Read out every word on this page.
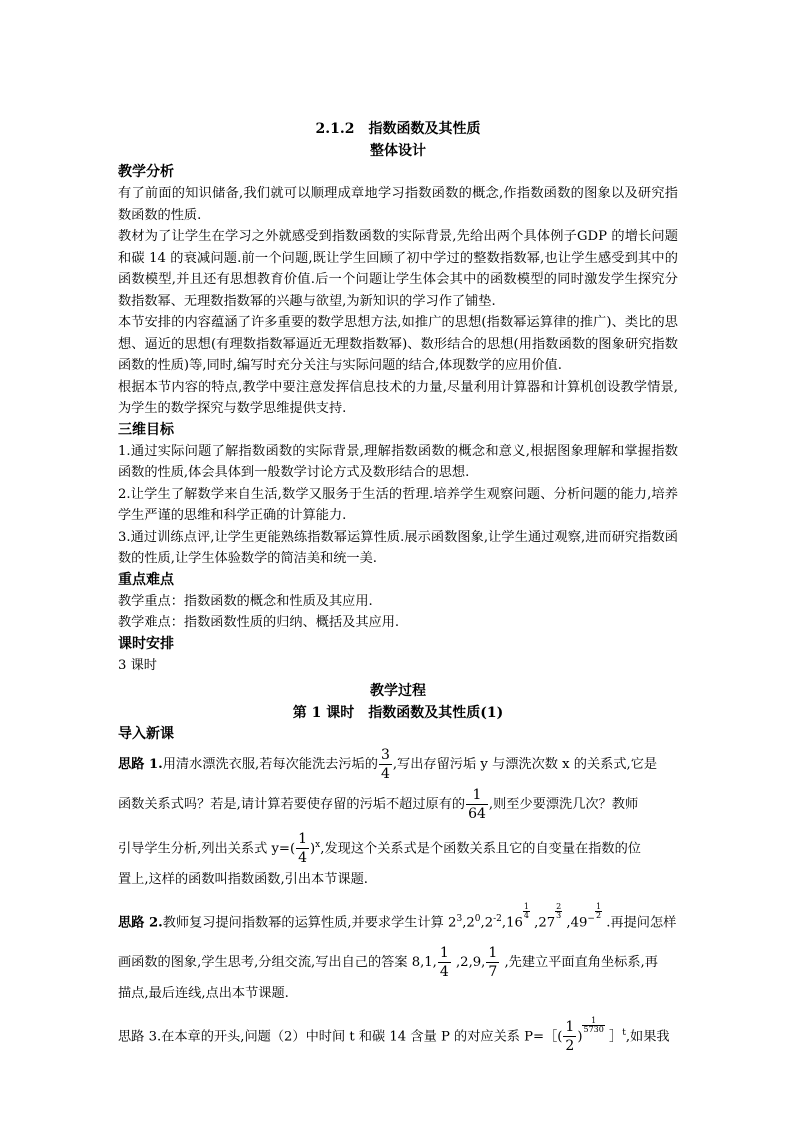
2.1.2　指数函数及其性质
整体设计
教学分析

有了前面的知识储备,我们就可以顺理成章地学习指数函数的概念,作指数函数的图象以及研究指数函数的性质.

教材为了让学生在学习之外就感受到指数函数的实际背景,先给出两个具体例子GDP 的增长问题和碳 14 的衰减问题.前一个问题,既让学生回顾了初中学过的整数指数幂,也让学生感受到其中的函数模型,并且还有思想教育价值.后一个问题让学生体会其中的函数模型的同时激发学生探究分数指数幂、无理数指数幂的兴趣与欲望,为新知识的学习作了铺垫.

本节安排的内容蕴涵了许多重要的数学思想方法,如推广的思想(指数幂运算律的推广)、类比的思想、逼近的思想(有理数指数幂逼近无理数指数幂)、数形结合的思想(用指数函数的图象研究指数函数的性质)等,同时,编写时充分关注与实际问题的结合,体现数学的应用价值.

根据本节内容的特点,教学中要注意发挥信息技术的力量,尽量利用计算器和计算机创设教学情景,为学生的数学探究与数学思维提供支持.

三维目标

1.通过实际问题了解指数函数的实际背景,理解指数函数的概念和意义,根据图象理解和掌握指数函数的性质,体会具体到一般数学讨论方式及数形结合的思想.

2.让学生了解数学来自生活,数学又服务于生活的哲理.培养学生观察问题、分析问题的能力,培养学生严谨的思维和科学正确的计算能力.

3.通过训练点评,让学生更能熟练指数幂运算性质.展示函数图象,让学生通过观察,进而研究指数函数的性质,让学生体验数学的简洁美和统一美.

重点难点

教学重点：指数函数的概念和性质及其应用.

教学难点：指数函数性质的归纳、概括及其应用.

课时安排

3 课时

教学过程
第 1 课时　指数函数及其性质(1)
导入新课

思路 1.用清水漂洗衣服,若每次能洗去污垢的 $\frac{3}{4}$ ,写出存留污垢 y 与漂洗次数 x 的关系式,它是
函数关系式吗？若是,请计算若要使存留的污垢不超过原有的 $\frac{1}{64}$ ,则至少要漂洗几次？教师
引导学生分析,列出关系式 $y=( \frac{1}{4} )^x$,发现这个关系式是个函数关系且它的自变量在指数的位

置上,这样的函数叫指数函数,引出本节课题.

思路 2.教师复习提问指数幂的运算性质,并要求学生计算 $2^3,2^0,2^{-2},16$
$\frac{1}{4}$
,27
$\frac{2}{3}$
$,49^- \frac{1}{2}$
.再提问怎样
画函数的图象,学生思考,分组交流,写出自己的答案 8,1, $\frac{1}{4} ,2,9$, $\frac{1}{7}$ ,先建立平面直角坐标系,再

描点,最后连线,点出本节课题.

思路 3.在本章的开头,问题（2）中时间 t 和碳 14 含量 P 的对应关系 P=［( $\frac{1}{2}$ )
$\frac{1}{5730}$
］$^t$,如果我
